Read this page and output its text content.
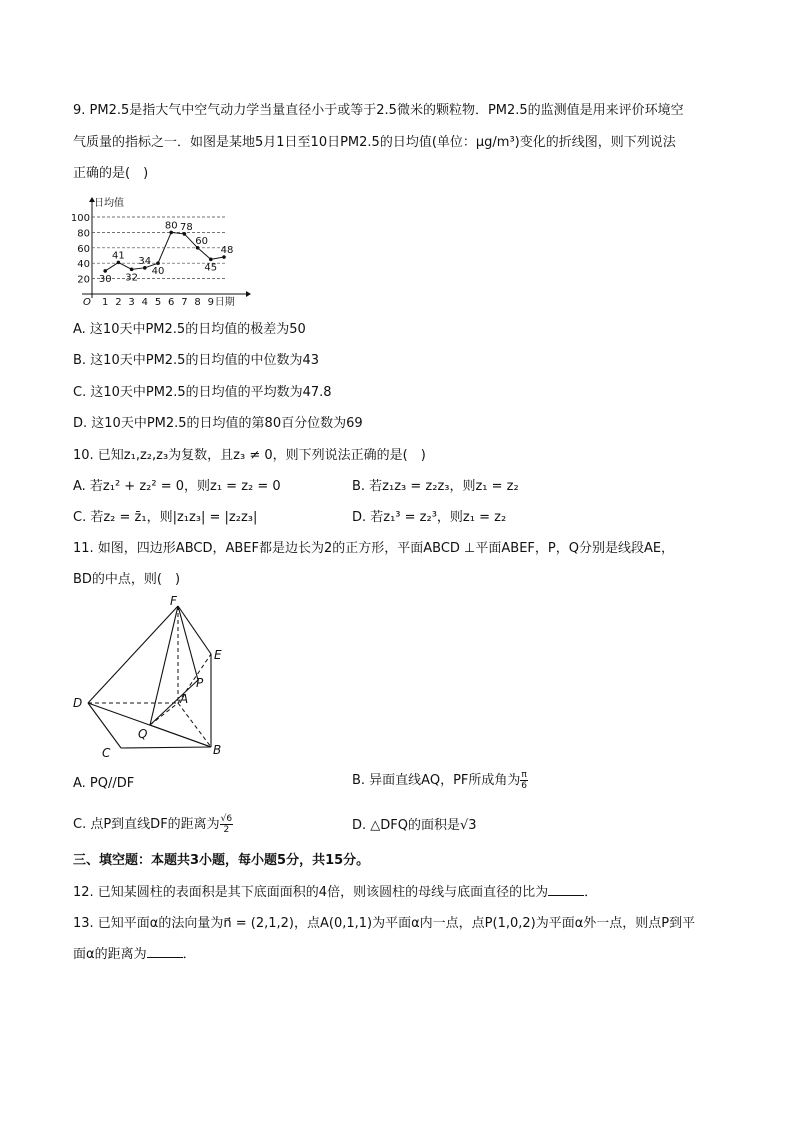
9. PM2.5是指大气中空气动力学当量直径小于或等于2.5微米的颗粒物．PM2.5的监测值是用来评价环境空
气质量的指标之一．如图是某地5月1日至10日PM2.5的日均值(单位：μg/m³)变化的折线图，则下列说法
正确的是(　)
20
40
60
80
100
1 2 3 4 5 6 7 8 9 日期
日均值
O
30
41
32
34
40
80 78
60
45
48
A. 这10天中PM2.5的日均值的极差为50
B. 这10天中PM2.5的日均值的中位数为43
C. 这10天中PM2.5的日均值的平均数为47.8
D. 这10天中PM2.5的日均值的第80百分位数为69
10. 已知z₁,z₂,z₃为复数，且z₃ ≠ 0，则下列说法正确的是(　)
A. 若z₁² + z₂² = 0，则z₁ = z₂ = 0	B. 若z₁z₃ = z₂z₃，则z₁ = z₂
C. 若z₂ = z̄₁，则|z₁z₃| = |z₂z₃|	D. 若z₁³ = z₂³，则z₁ = z₂
11. 如图，四边形ABCD，ABEF都是边长为2的正方形，平面ABCD ⊥平面ABEF，P，Q分别是线段AE，
BD的中点，则(　)
F
E
P
D	A
Q
C	B
A. PQ//DF	B. 异面直线AQ，PF所成角为 $\frac{\pi}{6}$
C. 点P到直线DF的距离为 $\frac{√6}{2}$	D. △DFQ的面积是√3
三、填空题：本题共3小题，每小题5分，共15分。
12. 已知某圆柱的表面积是其下底面面积的4倍，则该圆柱的母线与底面直径的比为	．
13. 已知平面α的法向量为n⃗ = (2,1,2)，点A(0,1,1)为平面α内一点，点P(1,0,2)为平面α外一点，则点P到平
面α的距离为	．
